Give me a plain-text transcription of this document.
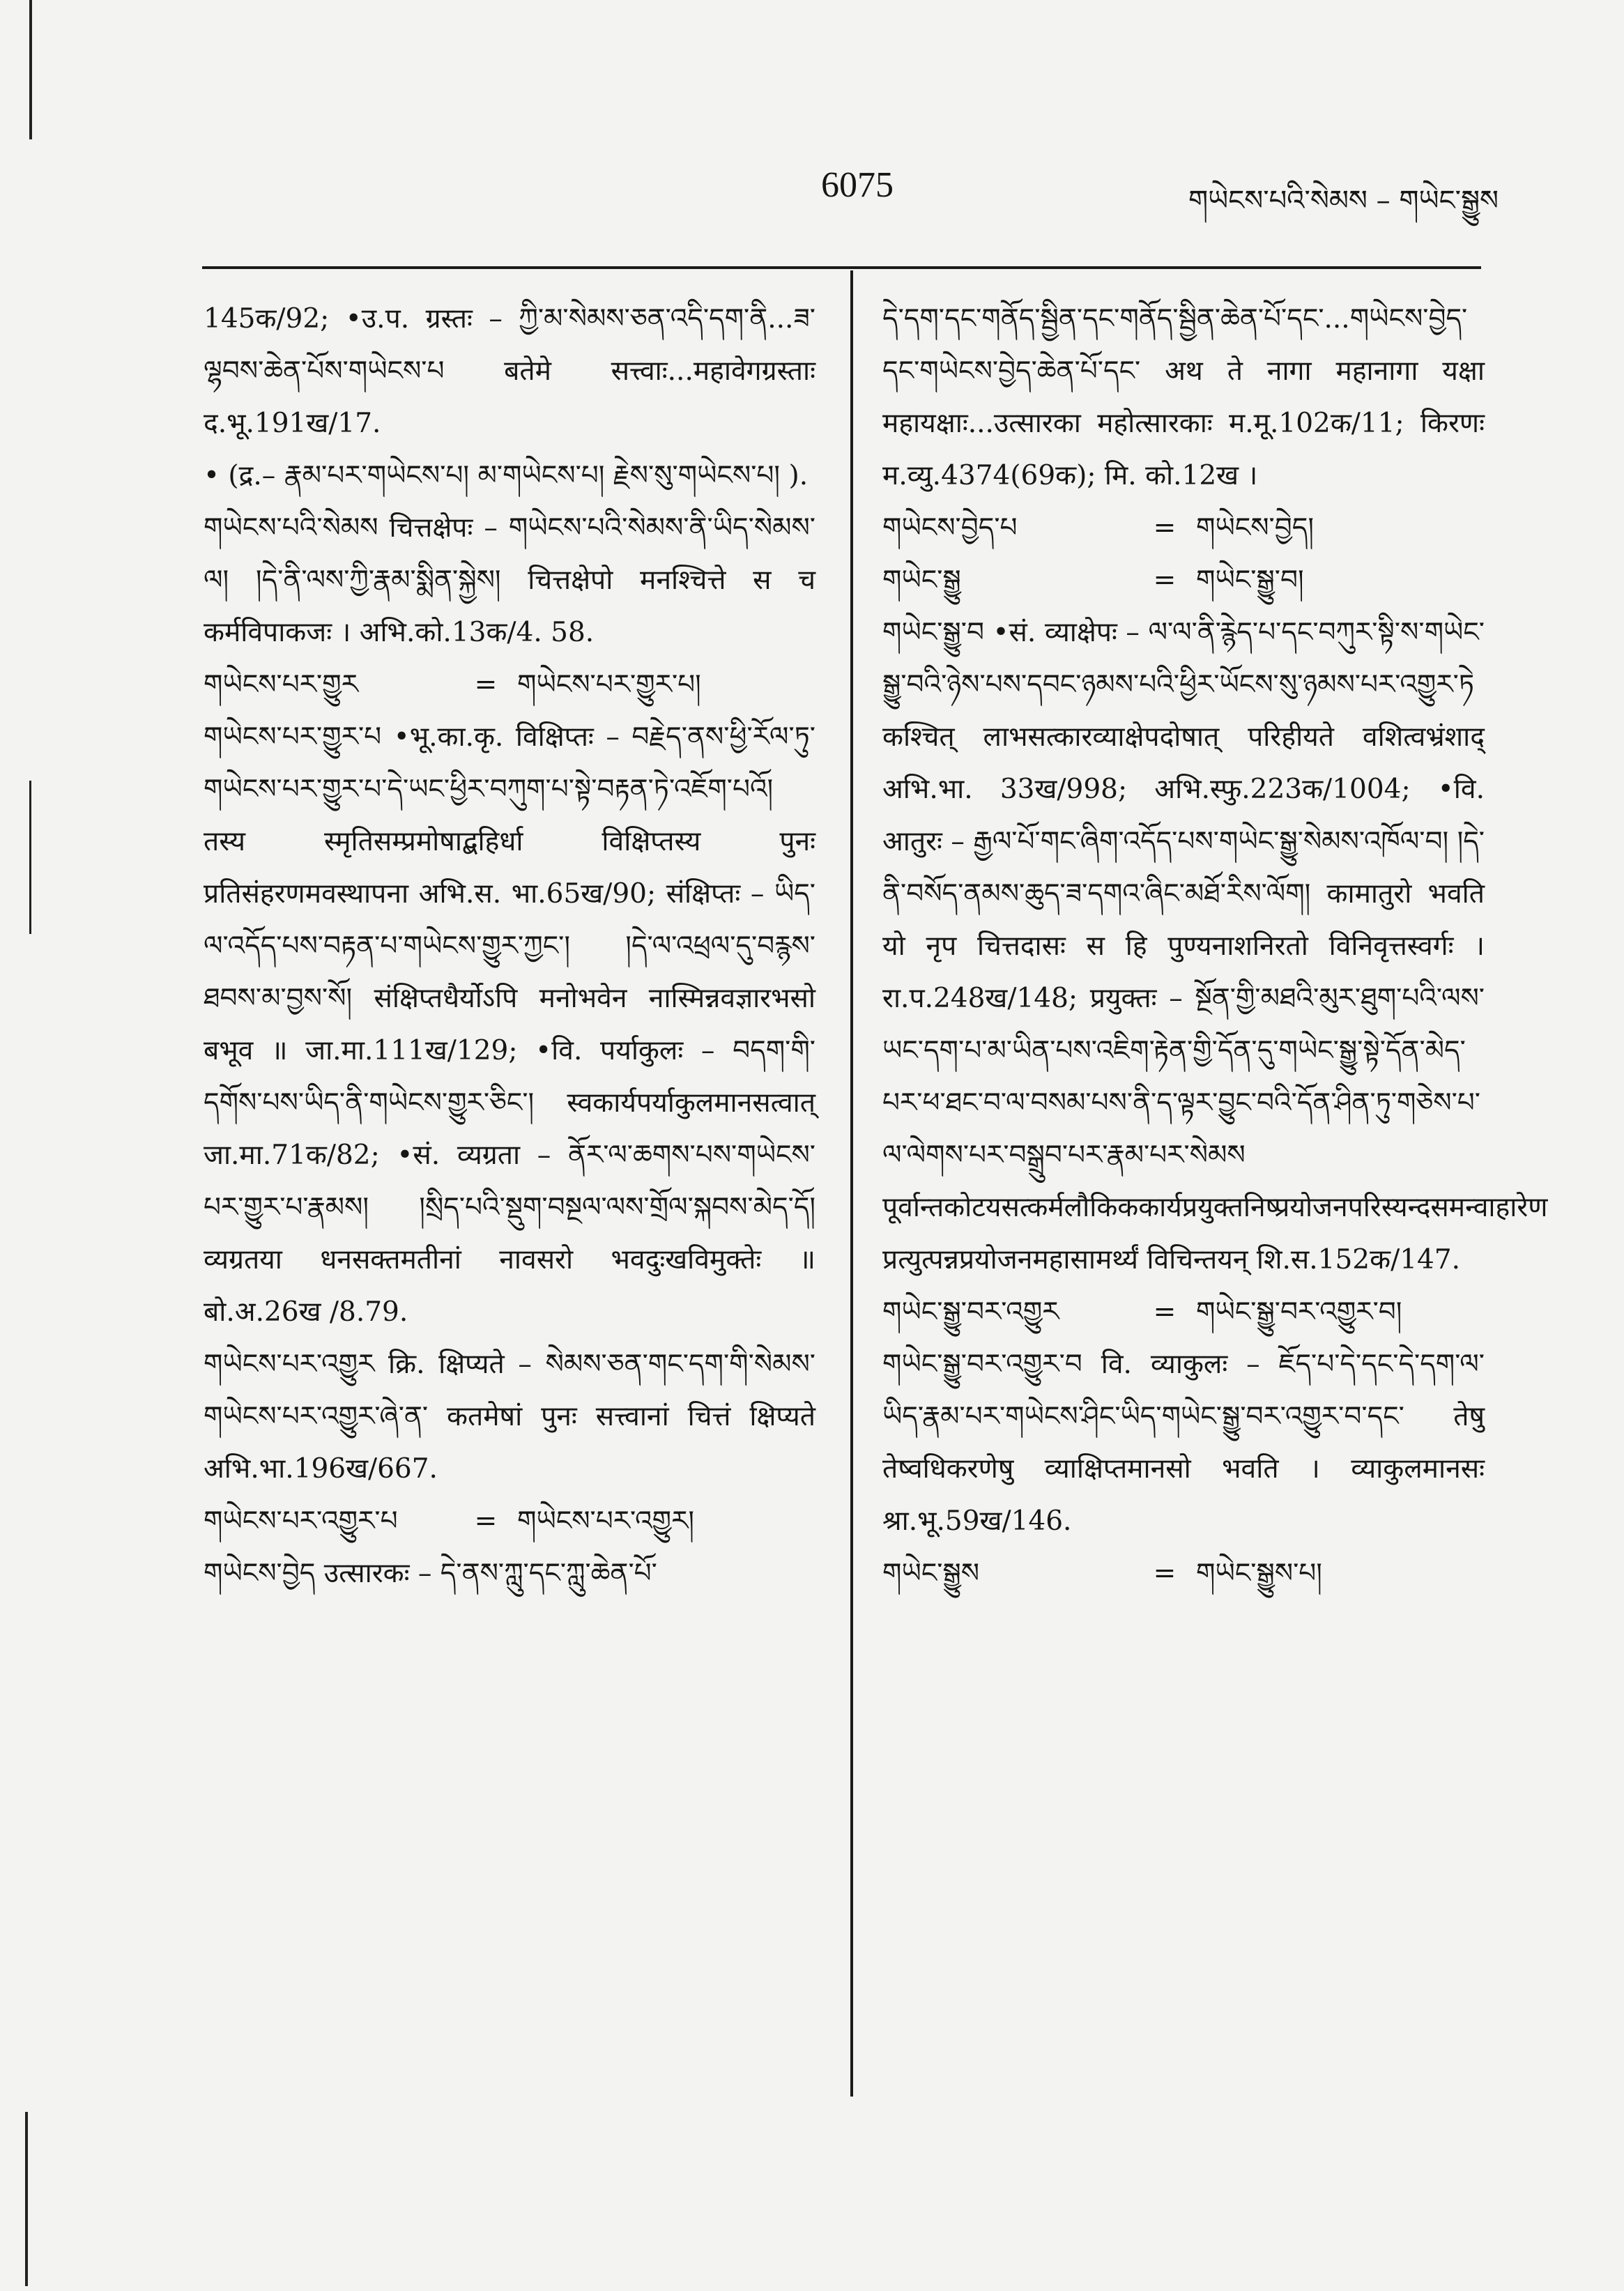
6075	གཡེངས་པའི་སེམས – གཡེང་སྒྱུས

145क/92; •उ.प. ग्रस्तः – ཀྱི་མ་སེམས་ཅན་འདི་དག་ནི...ཟ་ལྷབས་ཆེན་པོས་གཡེངས་པ बतेमे सत्त्वाः...महावेगग्रस्ताः द.भू.191ख/17.

• (द्र.– རྣམ་པར་གཡེངས་པ། མ་གཡེངས་པ། རྗེས་སུ་གཡེངས་པ། ).

གཡེངས་པའི་སེམས चित्तक्षेपः – གཡེངས་པའི་སེམས་ནི་ཡིད་སེམས་ལ། །དེ་ནི་ལས་ཀྱི་རྣམ་སྨིན་སྐྱེས། चित्तक्षेपो मनश्चित्ते स च कर्मविपाकजः । अभि.को.13क/4. 58.

གཡེངས་པར་གྱུར	= གཡེངས་པར་གྱུར་པ།

གཡེངས་པར་གྱུར་པ •भू.का.कृ. विक्षिप्तः – བརྗེད་ནས་ཕྱི་རོལ་ཏུ་གཡེངས་པར་གྱུར་པ་དེ་ཡང་ཕྱིར་བཀུག་པ་སྟེ་བརྟན་ཏེ་འཇོག་པའོ། तस्य स्मृतिसम्प्रमोषाद्बहिर्धा विक्षिप्तस्य पुनः प्रतिसंहरणमवस्थापना अभि.स. भा.65ख/90; संक्षिप्तः – ཡིད་ལ་འདོད་པས་བརྟན་པ་གཡེངས་གྱུར་ཀྱང་། །དེ་ལ་འཕྲལ་དུ་བརྙས་ཐབས་མ་བྱས་སོ། संक्षिप्तधैर्योऽपि मनोभवेन नास्मिन्नवज्ञारभसो बभूव ॥ जा.मा.111ख/129; •वि. पर्याकुलः – བདག་གི་དགོས་པས་ཡིད་ནི་གཡེངས་གྱུར་ཅིང་། स्वकार्यपर्याकुलमानसत्वात् जा.मा.71क/82; •सं. व्यग्रता – ནོར་ལ་ཆགས་པས་གཡེངས་པར་གྱུར་པ་རྣམས། །སྲིད་པའི་སྡུག་བསྔལ་ལས་གྲོལ་སྐབས་མེད་དོ། व्यग्रतया धनसक्तमतीनां नावसरो भवदुःखविमुक्तेः ॥ बो.अ.26ख /8.79.

གཡེངས་པར་འགྱུར क्रि. क्षिप्यते – སེམས་ཅན་གང་དག་གི་སེམས་གཡེངས་པར་འགྱུར་ཞེ་ན་ कतमेषां पुनः सत्त्वानां चित्तं क्षिप्यते अभि.भा.196ख/667.

གཡེངས་པར་འགྱུར་པ	= གཡེངས་པར་འགྱུར།

གཡེངས་བྱེད उत्सारकः – དེ་ནས་ཀླུ་དང་ཀླུ་ཆེན་པོ་

དེ་དག་དང་གནོད་སྦྱིན་དང་གནོད་སྦྱིན་ཆེན་པོ་དང་...གཡེངས་བྱེད་དང་གཡེངས་བྱེད་ཆེན་པོ་དང་ अथ ते नागा महानागा यक्षा महायक्षाः...उत्सारका महोत्सारकाः म.मू.102क/11; किरणः म.व्यु.4374(69क); मि. को.12ख ।

གཡེངས་བྱེད་པ	= གཡེངས་བྱེད།
གཡེང་སྒྱུ	= གཡེང་སྒྱུ་བ།

གཡེང་སྒྱུ་བ •सं. व्याक्षेपः – ལ་ལ་ནི་རྙེད་པ་དང་བཀུར་སྟི་ས་གཡེང་སྒྱུ་བའི་ཉེས་པས་དབང་ཉམས་པའི་ཕྱིར་ཡོངས་སུ་ཉམས་པར་འགྱུར་ཏེ कश्चित् लाभसत्कारव्याक्षेपदोषात् परिहीयते वशित्वभ्रंशाद् अभि.भा. 33ख/998; अभि.स्फु.223क/1004; •वि. आतुरः – རྒྱལ་པོ་གང་ཞིག་འདོད་པས་གཡེང་སྒྱུ་སེམས་འཁོལ་བ། །དེ་ནི་བསོད་ནམས་ཆུད་ཟ་དགའ་ཞིང་མཐོ་རིས་ལོག། कामातुरो भवति यो नृप चित्तदासः स हि पुण्यनाशनिरतो विनिवृत्तस्वर्गः । रा.प.248ख/148; प्रयुक्तः – སྔོན་གྱི་མཐའི་མུར་ཐུག་པའི་ལས་ཡང་དག་པ་མ་ཡིན་པས་འཇིག་རྟེན་གྱི་དོན་དུ་གཡེང་སྒྱུ་སྟེ་དོན་མེད་པར་ཕ་ཐང་བ་ལ་བསམ་པས་ནི་ད་ལྟར་བྱུང་བའི་དོན་ཤིན་ཏུ་གཅེས་པ་ལ་ལེགས་པར་བསྒྲུབ་པར་རྣམ་པར་སེམས पूर्वान्तकोटयसत्कर्मलौकिककार्यप्रयुक्तनिष्प्रयोजनपरिस्यन्दसमन्वाहारेण प्रत्युत्पन्नप्रयोजनमहासामर्थ्यं विचिन्तयन् शि.स.152क/147.

གཡེང་སྒྱུ་བར་འགྱུར	= གཡེང་སྒྱུ་བར་འགྱུར་བ།

གཡེང་སྒྱུ་བར་འགྱུར་བ वि. व्याकुलः – ཇོད་པ་དེ་དང་དེ་དག་ལ་ཡིད་རྣམ་པར་གཡེངས་ཤིང་ཡིད་གཡེང་སྒྱུ་བར་འགྱུར་བ་དང་ तेषु तेष्वधिकरणेषु व्याक्षिप्तमानसो भवति । व्याकुलमानसः श्रा.भू.59ख/146.

གཡེང་སྒྱུས	= གཡེང་སྒྱུས་པ།
